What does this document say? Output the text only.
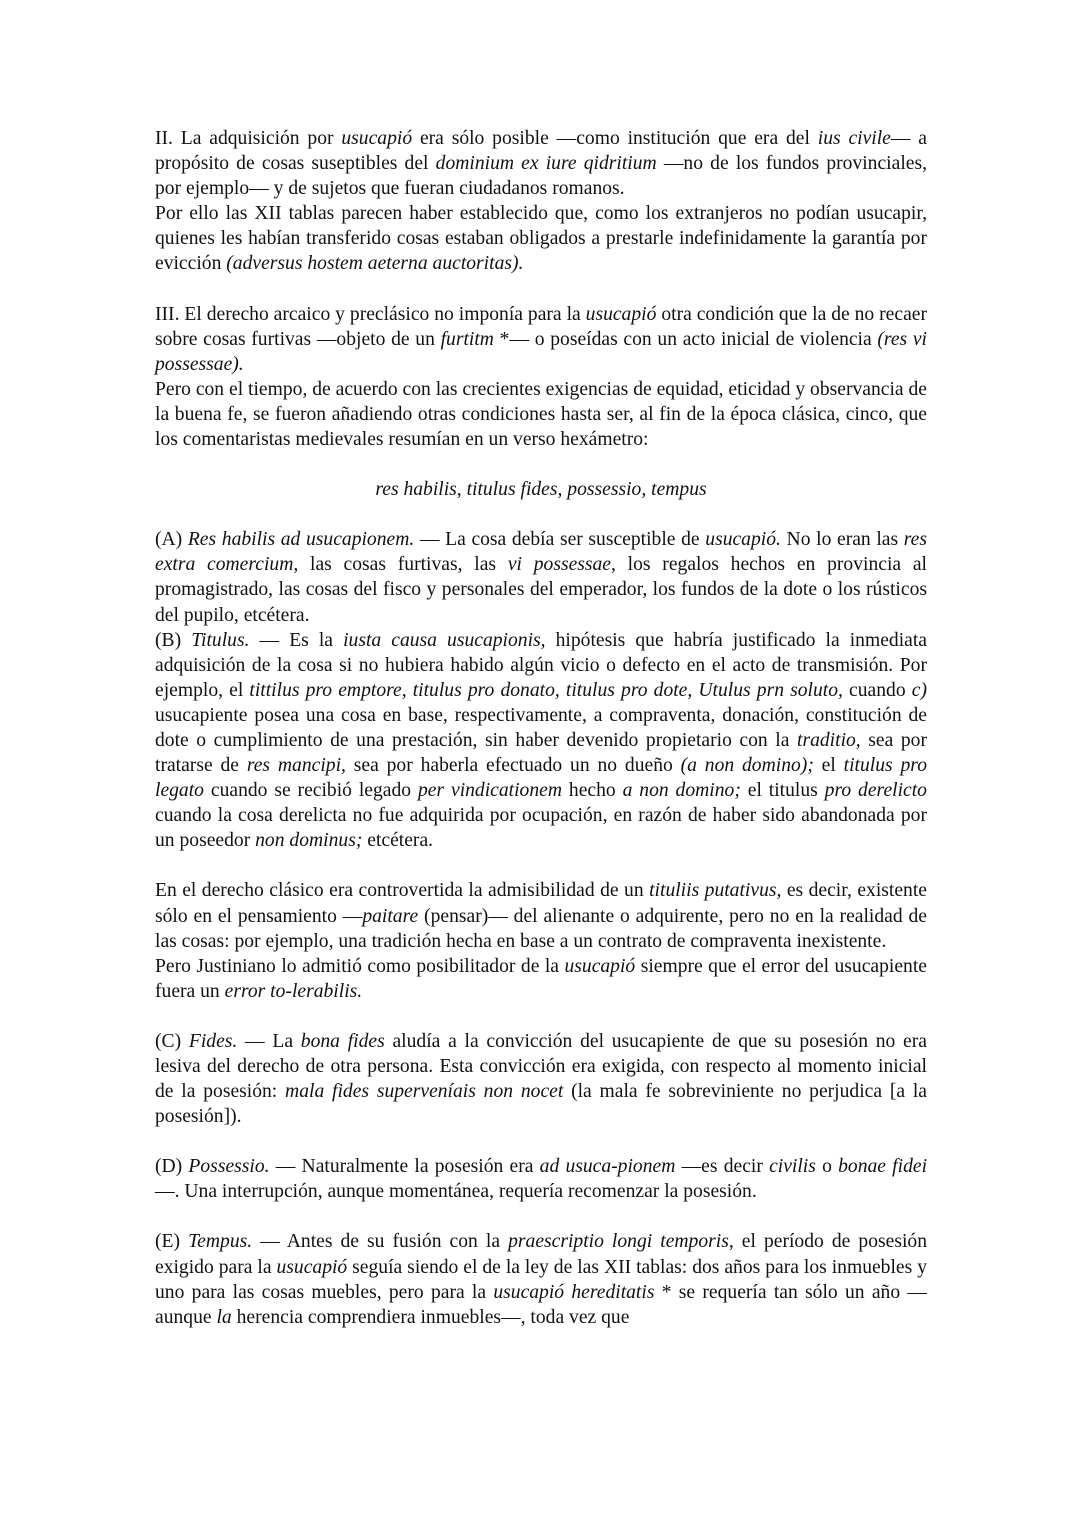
II. La adquisición por usucapió era sólo posible —como institución que era del ius civile— a propósito de cosas suseptibles del dominium ex iure qidritium —no de los fundos provinciales, por ejemplo— y de sujetos que fueran ciudadanos romanos.

Por ello las XII tablas parecen haber establecido que, como los extranjeros no podían usucapir, quienes les habían transferido cosas estaban obligados a prestarle indefinidamente la garantía por evicción (adversus hostem aeterna auctoritas).

III. El derecho arcaico y preclásico no imponía para la usucapió otra condición que la de no recaer sobre cosas furtivas —objeto de un furtitm *— o poseídas con un acto inicial de violencia (res vi possessae).

Pero con el tiempo, de acuerdo con las crecientes exigencias de equidad, eticidad y observancia de la buena fe, se fueron añadiendo otras condiciones hasta ser, al fin de la época clásica, cinco, que los comentaristas medievales resumían en un verso hexámetro:

res habilis, titulus fides, possessio, tempus

(A) Res habilis ad usucapionem. — La cosa debía ser susceptible de usucapió. No lo eran las res extra comercium, las cosas furtivas, las vi possessae, los regalos hechos en provincia al promagistrado, las cosas del fisco y personales del emperador, los fundos de la dote o los rústicos del pupilo, etcétera.

(B) Titulus. — Es la iusta causa usucapionis, hipótesis que habría justificado la inmediata adquisición de la cosa si no hubiera habido algún vicio o defecto en el acto de transmisión. Por ejemplo, el tittilus pro emptore, titulus pro donato, titulus pro dote, Utulus prn soluto, cuando c) usucapiente posea una cosa en base, respectivamente, a compraventa, donación, constitución de dote o cumplimiento de una prestación, sin haber devenido propietario con la traditio, sea por tratarse de res mancipi, sea por haberla efectuado un no dueño (a non domino); el titulus pro legato cuando se recibió legado per vindicationem hecho a non domino; el titulus pro derelicto cuando la cosa derelicta no fue adquirida por ocupación, en razón de haber sido abandonada por un poseedor non dominus; etcétera.

En el derecho clásico era controvertida la admisibilidad de un tituliis putativus, es decir, existente sólo en el pensamiento —paitare (pensar)— del alienante o adquirente, pero no en la realidad de las cosas: por ejemplo, una tradición hecha en base a un contrato de compraventa inexistente.

Pero Justiniano lo admitió como posibilitador de la usucapió siempre que el error del usucapiente fuera un error to-lerabilis.

(C) Fides. — La bona fides aludía a la convicción del usucapiente de que su posesión no era lesiva del derecho de otra persona. Esta convicción era exigida, con respecto al momento inicial de la posesión: mala fides superveníais non nocet (la mala fe sobreviniente no perjudica [a la posesión]).

(D) Possessio. — Naturalmente la posesión era ad usuca-pionem —es decir civilis o bonae fidei—. Una interrupción, aunque momentánea, requería recomenzar la posesión.

(E) Tempus. — Antes de su fusión con la praescriptio longi temporis, el período de posesión exigido para la usucapió seguía siendo el de la ley de las XII tablas: dos años para los inmuebles y uno para las cosas muebles, pero para la usucapió hereditatis * se requería tan sólo un año —aunque la herencia comprendiera inmuebles—, toda vez que
